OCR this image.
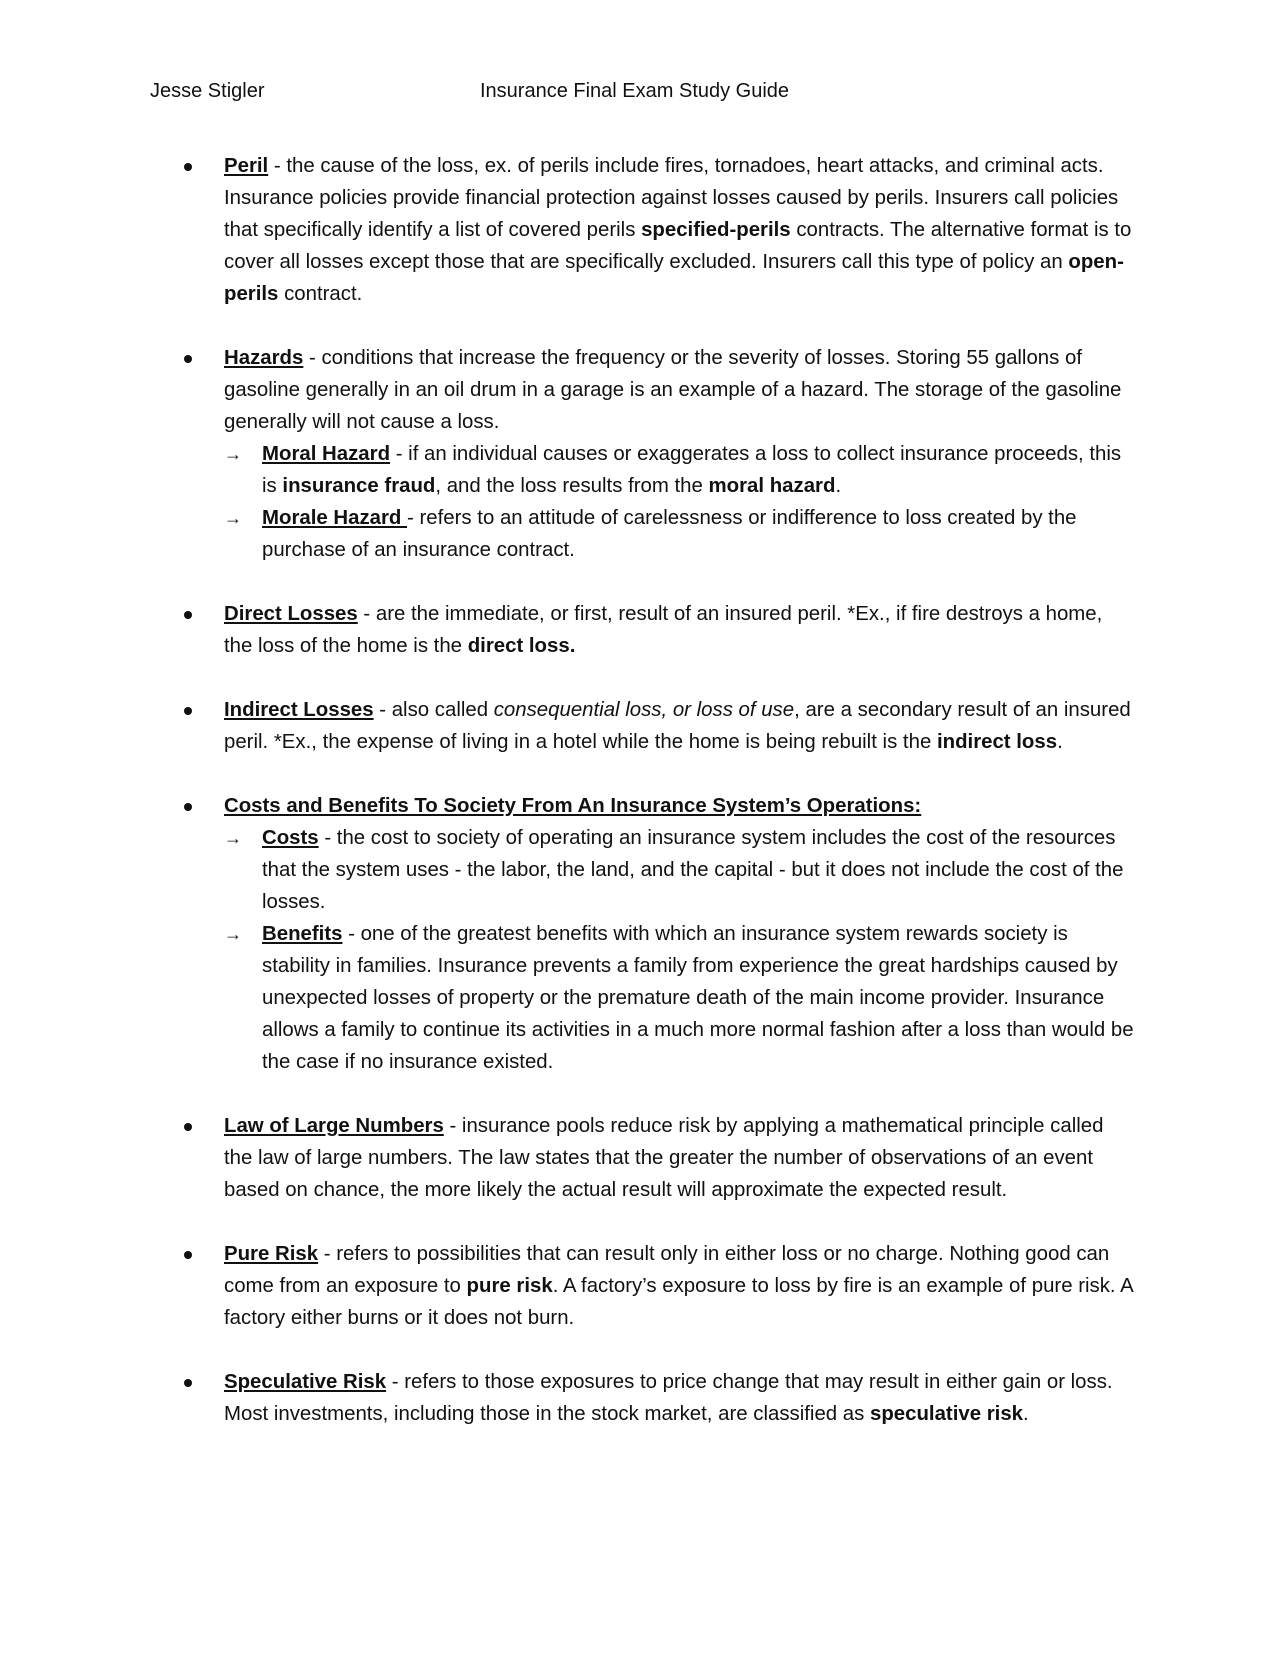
Jesse Stigler	Insurance Final Exam Study Guide
Peril - the cause of the loss, ex. of perils include fires, tornadoes, heart attacks, and criminal acts. Insurance policies provide financial protection against losses caused by perils. Insurers call policies that specifically identify a list of covered perils specified-perils contracts. The alternative format is to cover all losses except those that are specifically excluded. Insurers call this type of policy an open-perils contract.
Hazards - conditions that increase the frequency or the severity of losses. Storing 55 gallons of gasoline generally in an oil drum in a garage is an example of a hazard. The storage of the gasoline generally will not cause a loss.
→ Moral Hazard - if an individual causes or exaggerates a loss to collect insurance proceeds, this is insurance fraud, and the loss results from the moral hazard.
→ Morale Hazard - refers to an attitude of carelessness or indifference to loss created by the purchase of an insurance contract.
Direct Losses - are the immediate, or first, result of an insured peril. *Ex., if fire destroys a home, the loss of the home is the direct loss.
Indirect Losses - also called consequential loss, or loss of use, are a secondary result of an insured peril. *Ex., the expense of living in a hotel while the home is being rebuilt is the indirect loss.
Costs and Benefits To Society From An Insurance System’s Operations:
→ Costs - the cost to society of operating an insurance system includes the cost of the resources that the system uses - the labor, the land, and the capital - but it does not include the cost of the losses.
→ Benefits - one of the greatest benefits with which an insurance system rewards society is stability in families. Insurance prevents a family from experience the great hardships caused by unexpected losses of property or the premature death of the main income provider. Insurance allows a family to continue its activities in a much more normal fashion after a loss than would be the case if no insurance existed.
Law of Large Numbers - insurance pools reduce risk by applying a mathematical principle called the law of large numbers. The law states that the greater the number of observations of an event based on chance, the more likely the actual result will approximate the expected result.
Pure Risk - refers to possibilities that can result only in either loss or no charge. Nothing good can come from an exposure to pure risk. A factory’s exposure to loss by fire is an example of pure risk. A factory either burns or it does not burn.
Speculative Risk - refers to those exposures to price change that may result in either gain or loss. Most investments, including those in the stock market, are classified as speculative risk.
